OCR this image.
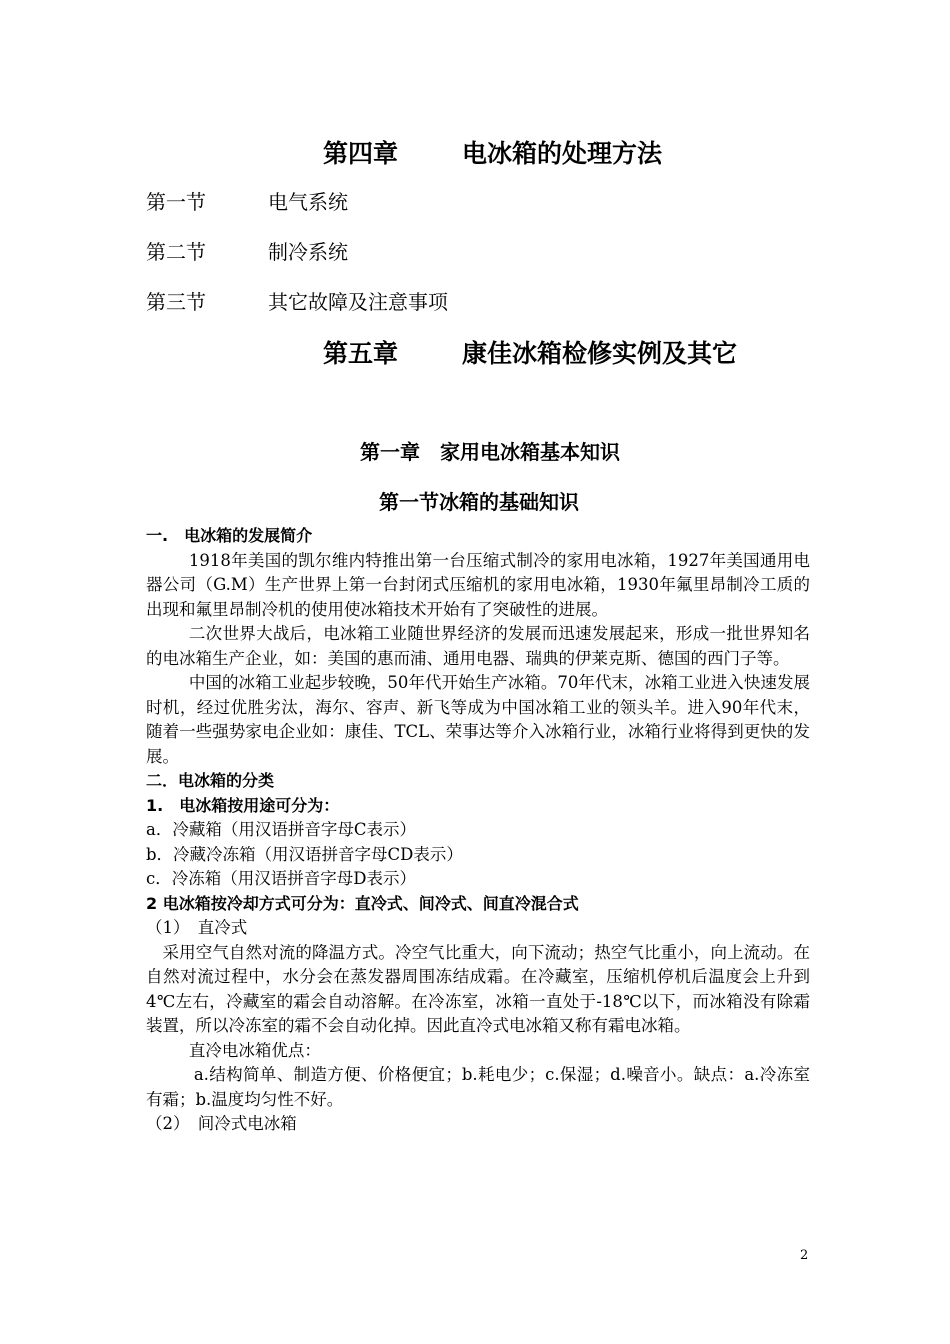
第四章	电冰箱的处理方法
第一节	电气系统
第二节	制冷系统
第三节	其它故障及注意事项
第五章	康佳冰箱检修实例及其它
第一章　家用电冰箱基本知识
第一节冰箱的基础知识

一.　电冰箱的发展简介

1918年美国的凯尔维内特推出第一台压缩式制冷的家用电冰箱，1927年美国通用电器公司（G.M）生产世界上第一台封闭式压缩机的家用电冰箱，1930年氟里昂制冷工质的出现和氟里昂制冷机的使用使冰箱技术开始有了突破性的进展。

二次世界大战后，电冰箱工业随世界经济的发展而迅速发展起来，形成一批世界知名的电冰箱生产企业，如：美国的惠而浦、通用电器、瑞典的伊莱克斯、德国的西门子等。

中国的冰箱工业起步较晚，50年代开始生产冰箱。70年代末，冰箱工业进入快速发展时机，经过优胜劣汰，海尔、容声、新飞等成为中国冰箱工业的领头羊。进入90年代末，随着一些强势家电企业如：康佳、TCL、荣事达等介入冰箱行业，冰箱行业将得到更快的发展。

二．电冰箱的分类

1.　电冰箱按用途可分为：

a．冷藏箱（用汉语拼音字母C表示）

b．冷藏冷冻箱（用汉语拼音字母CD表示）

c．冷冻箱（用汉语拼音字母D表示）

2 电冰箱按冷却方式可分为：直冷式、间冷式、间直冷混合式

（1）　直冷式

采用空气自然对流的降温方式。冷空气比重大，向下流动；热空气比重小，向上流动。在自然对流过程中，水分会在蒸发器周围冻结成霜。在冷藏室，压缩机停机后温度会上升到4℃左右，冷藏室的霜会自动溶解。在冷冻室，冰箱一直处于-18℃以下，而冰箱没有除霜装置，所以冷冻室的霜不会自动化掉。因此直冷式电冰箱又称有霜电冰箱。

直冷电冰箱优点：

a.结构简单、制造方便、价格便宜；b.耗电少；c.保湿；d.噪音小。缺点：a.冷冻室有霜；b.温度均匀性不好。

（2）　间冷式电冰箱

2
